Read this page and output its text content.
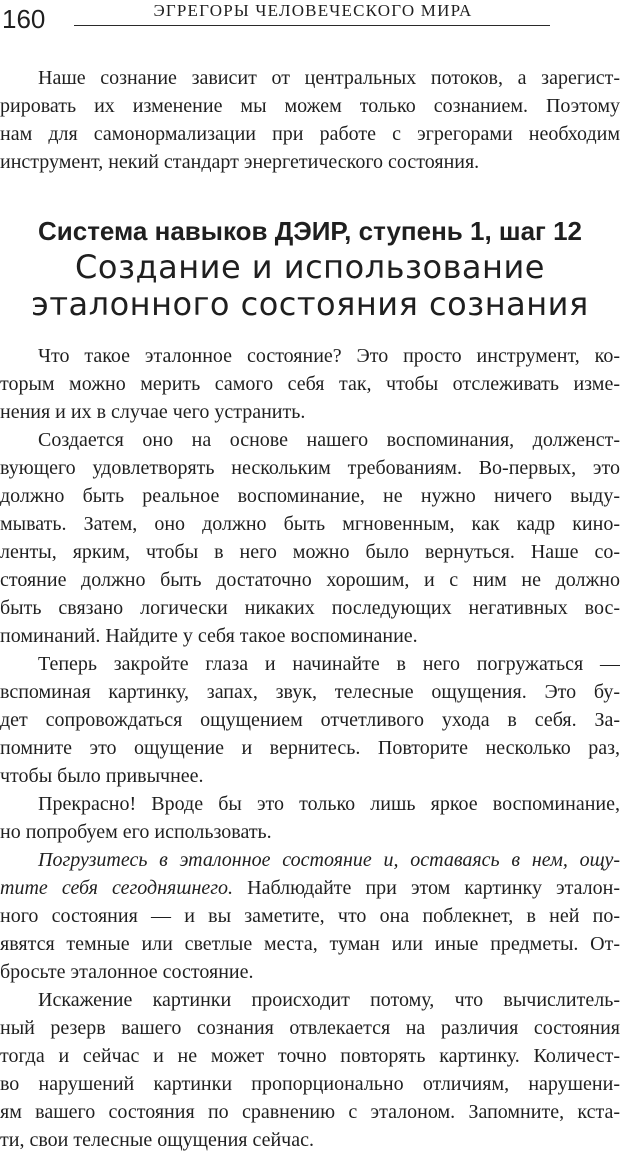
160	ЭГРЕГОРЫ ЧЕЛОВЕЧЕСКОГО МИРА
Наше сознание зависит от центральных потоков, а зарегист-
рировать их изменение мы можем только сознанием. Поэтому
нам для самонормализации при работе с эгрегорами необходим
инструмент, некий стандарт энергетического состояния.
Система навыков ДЭИР, ступень 1, шаг 12
Создание и использование
эталонного состояния сознания
Что такое эталонное состояние? Это просто инструмент, ко-
торым можно мерить самого себя так, чтобы отслеживать изме-
нения и их в случае чего устранить.
Создается оно на основе нашего воспоминания, долженст-
вующего удовлетворять нескольким требованиям. Во-первых, это
должно быть реальное воспоминание, не нужно ничего выду-
мывать. Затем, оно должно быть мгновенным, как кадр кино-
ленты, ярким, чтобы в него можно было вернуться. Наше со-
стояние должно быть достаточно хорошим, и с ним не должно
быть связано логически никаких последующих негативных вос-
поминаний. Найдите у себя такое воспоминание.
Теперь закройте глаза и начинайте в него погружаться —
вспоминая картинку, запах, звук, телесные ощущения. Это бу-
дет сопровождаться ощущением отчетливого ухода в себя. За-
помните это ощущение и вернитесь. Повторите несколько раз,
чтобы было привычнее.
Прекрасно! Вроде бы это только лишь яркое воспоминание,
но попробуем его использовать.
Погрузитесь в эталонное состояние и, оставаясь в нем, ощу-
тите себя сегодняшнего. Наблюдайте при этом картинку эталон-
ного состояния — и вы заметите, что она поблекнет, в ней по-
явятся темные или светлые места, туман или иные предметы. От-
бросьте эталонное состояние.
Искажение картинки происходит потому, что вычислитель-
ный резерв вашего сознания отвлекается на различия состояния
тогда и сейчас и не может точно повторять картинку. Количест-
во нарушений картинки пропорционально отличиям, нарушени-
ям вашего состояния по сравнению с эталоном. Запомните, кста-
ти, свои телесные ощущения сейчас.
